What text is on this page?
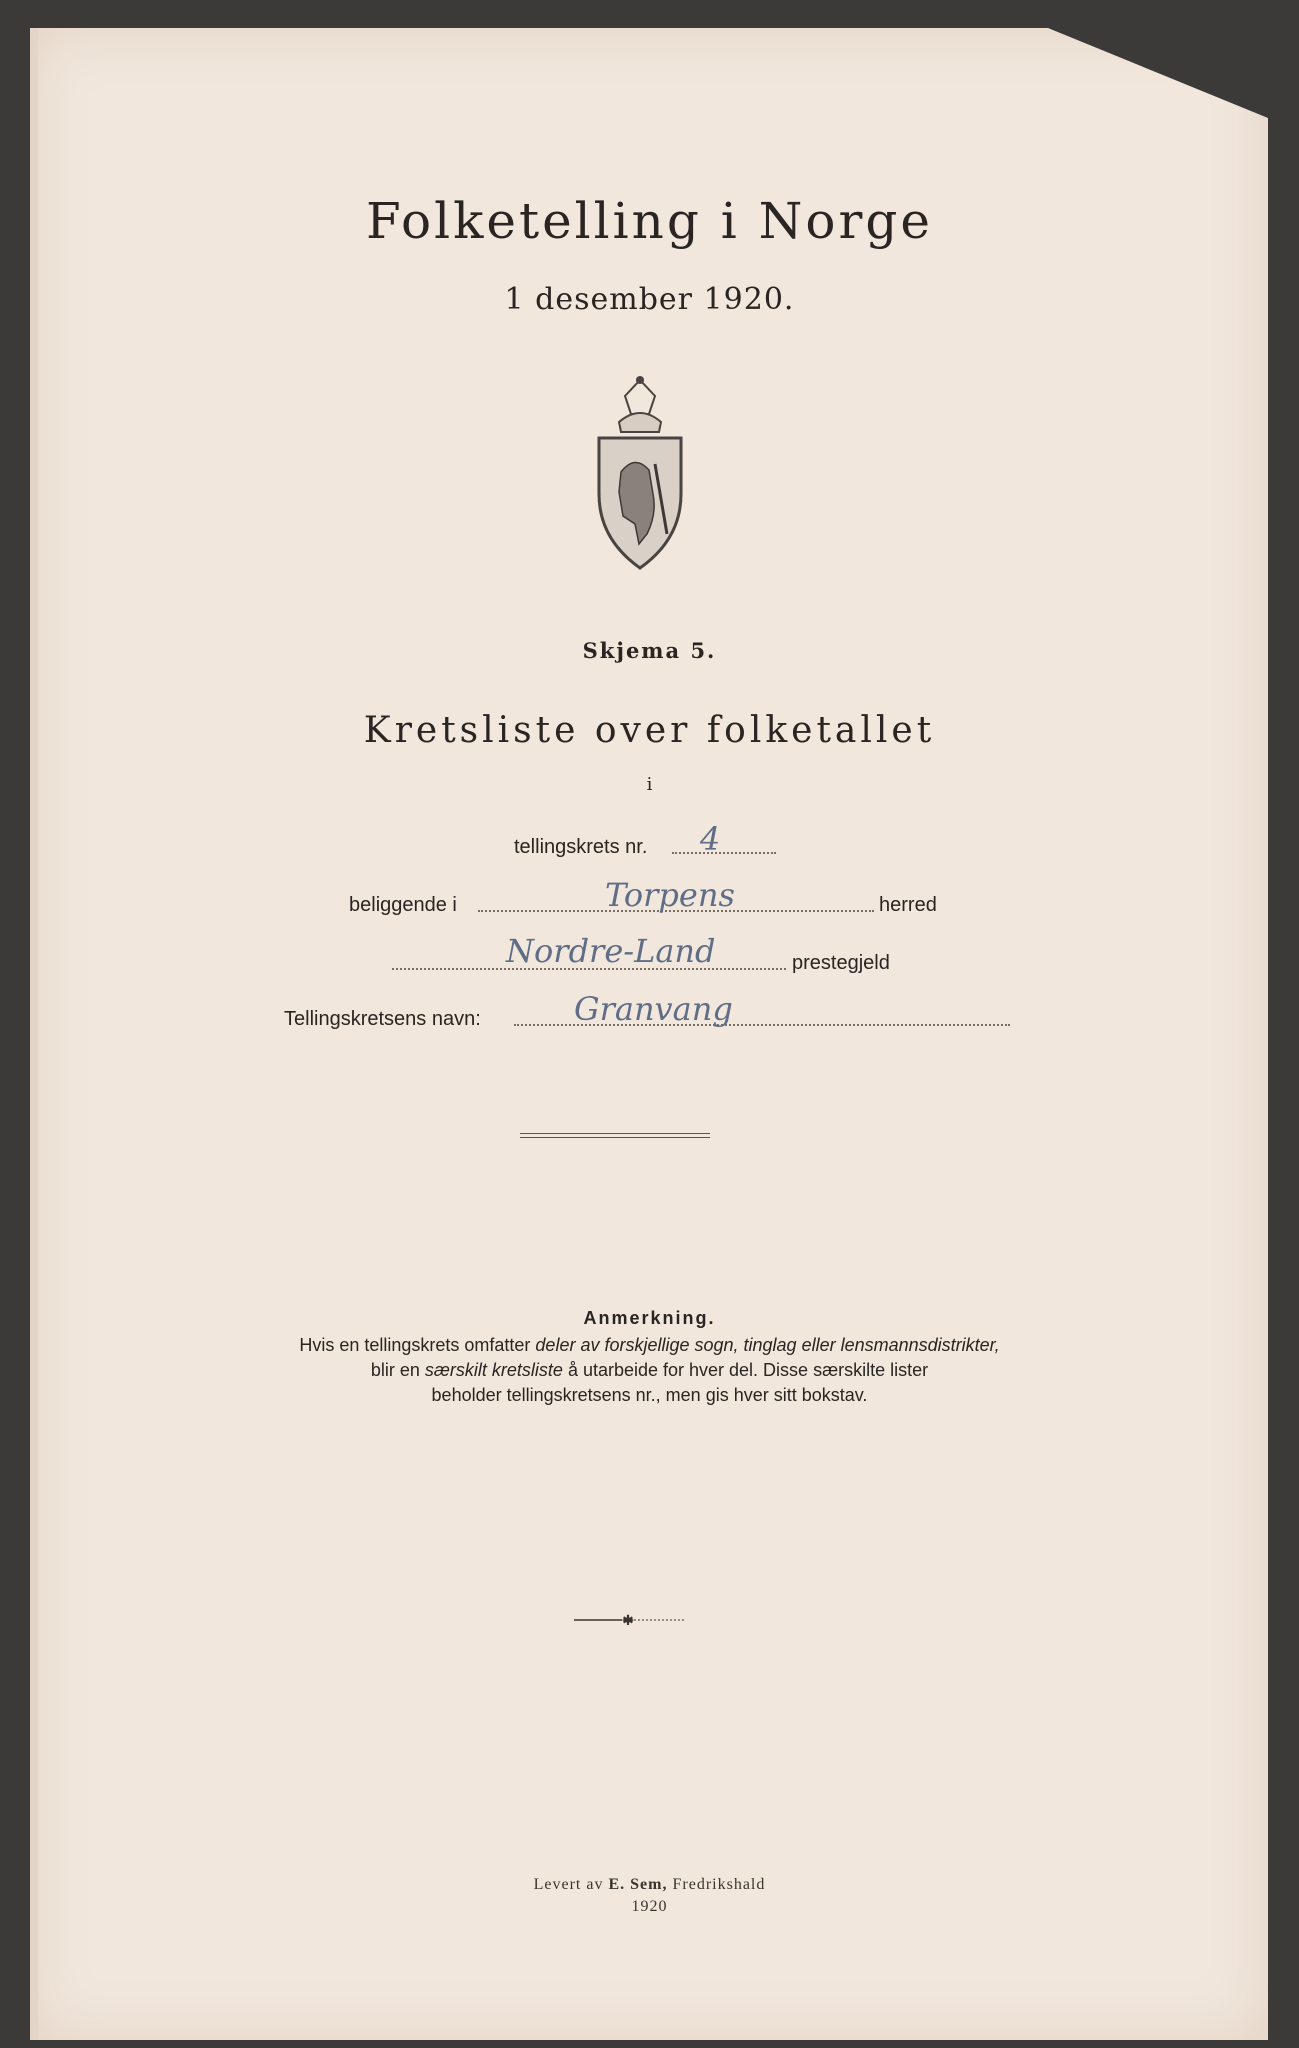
Folketelling i Norge
1 desember 1920.
Skjema 5.
Kretsliste over folketallet
i
tellingskrets nr. 4
beliggende i	Torpens	herred
Nordre-Land	prestegjeld
Tellingskretsens navn:	Granvang
Anmerkning.
Hvis en tellingskrets omfatter deler av forskjellige sogn, tinglag eller lensmannsdistrikter,
blir en særskilt kretsliste å utarbeide for hver del. Disse særskilte lister
beholder tellingskretsens nr., men gis hver sitt bokstav.
✱
Levert av E. Sem, Fredrikshald
1920
